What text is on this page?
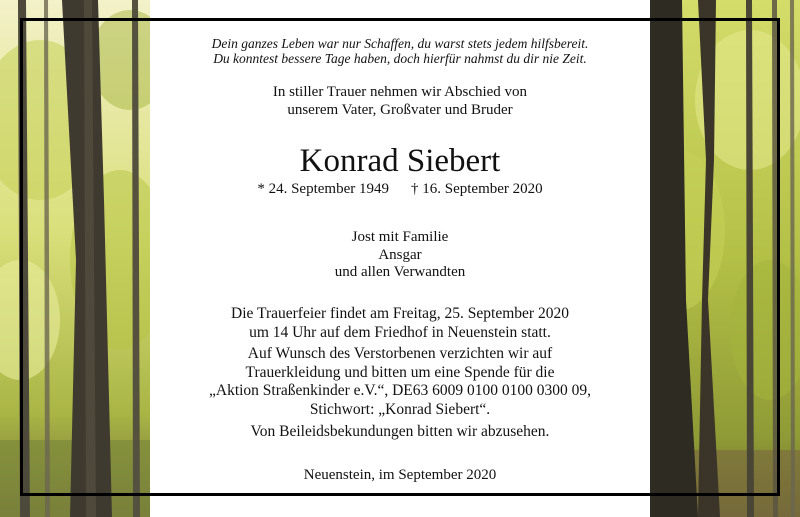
Dein ganzes Leben war nur Schaffen, du warst stets jedem hilfsbereit.
Du konntest bessere Tage haben, doch hierfür nahmst du dir nie Zeit.
In stiller Trauer nehmen wir Abschied von
unserem Vater, Großvater und Bruder
Konrad Siebert
* 24. September 1949 † 16. September 2020
Jost mit Familie
Ansgar
und allen Verwandten
Die Trauerfeier findet am Freitag, 25. September 2020
um 14 Uhr auf dem Friedhof in Neuenstein statt.
Auf Wunsch des Verstorbenen verzichten wir auf
Trauerkleidung und bitten um eine Spende für die
„Aktion Straßenkinder e.V.“, DE63 6009 0100 0100 0300 09,
Stichwort: „Konrad Siebert“.
Von Beileidsbekundungen bitten wir abzusehen.
Neuenstein, im September 2020
